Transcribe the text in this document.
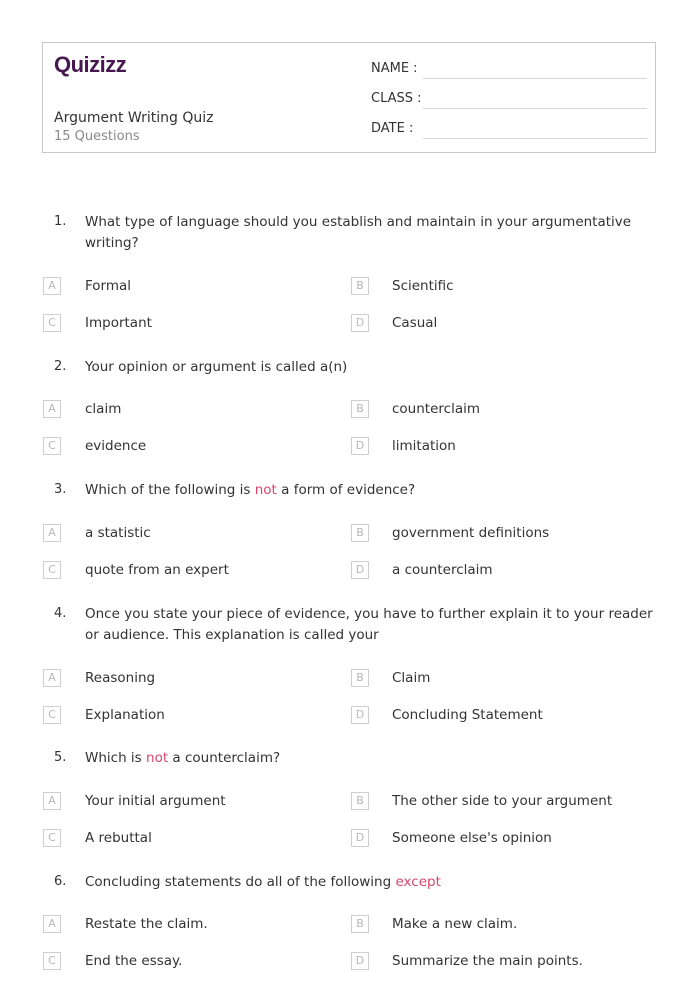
Quizizz
Argument Writing Quiz
15 Questions
NAME :
CLASS :
DATE :
1. What type of language should you establish and maintain in your argumentative writing?
A	Formal	B	Scientific
C	Important	D	Casual
2. Your opinion or argument is called a(n)
A	claim	B	counterclaim
C	evidence	D	limitation
3. Which of the following is not a form of evidence?
A	a statistic	B	government definitions
C	quote from an expert	D	a counterclaim
4. Once you state your piece of evidence, you have to further explain it to your reader or audience. This explanation is called your
A	Reasoning	B	Claim
C	Explanation	D	Concluding Statement
5. Which is not a counterclaim?
A	Your initial argument	B	The other side to your argument
C	A rebuttal	D	Someone else's opinion
6. Concluding statements do all of the following except
A	Restate the claim.	B	Make a new claim.
C	End the essay.	D	Summarize the main points.
